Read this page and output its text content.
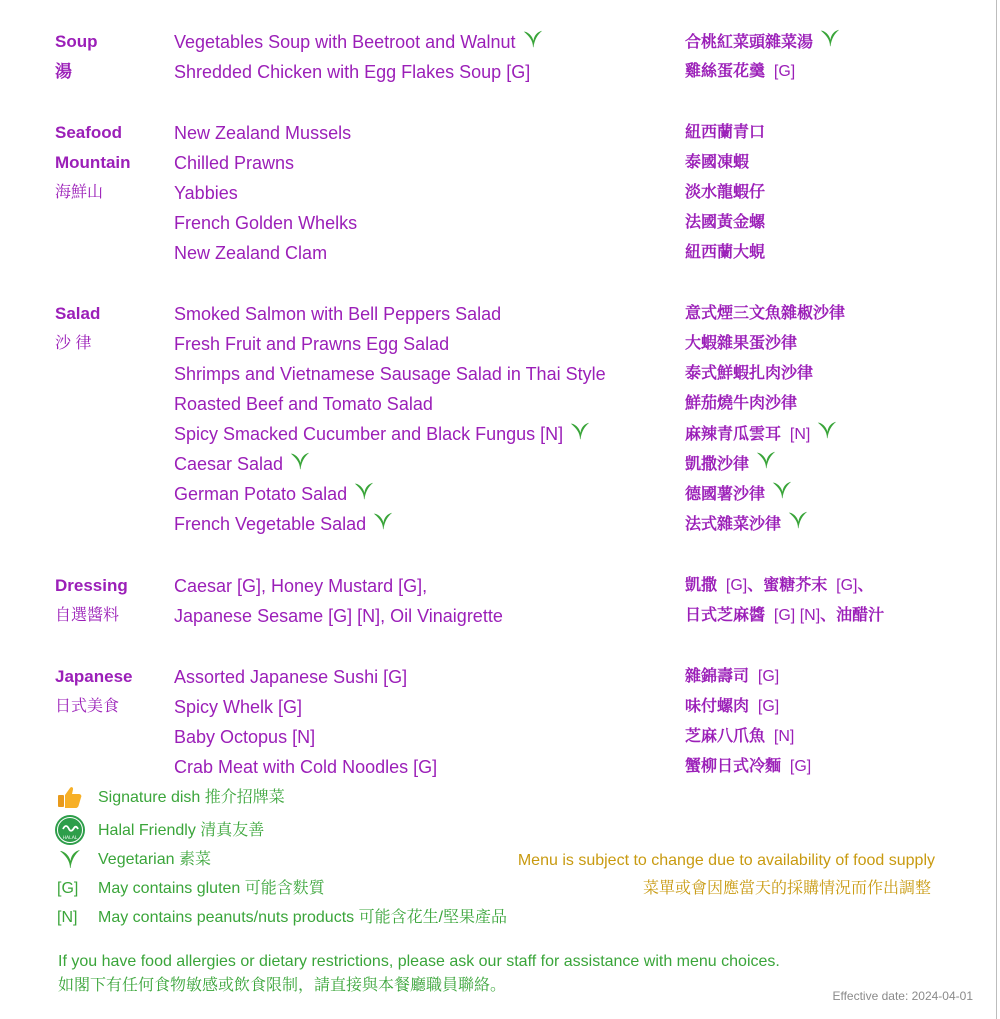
Soup
湯
Vegetables Soup with Beetroot and Walnut
Shredded Chicken with Egg Flakes Soup [G]
合桃紅菜頭雜菜湯
雞絲蛋花羹 [G]
Seafood
Mountain
海鮮山
New Zealand Mussels
Chilled Prawns
Yabbies
French Golden Whelks
New Zealand Clam
紐西蘭青口
泰國凍蝦
淡水龍蝦仔
法國黃金螺
紐西蘭大蜆
Salad
沙 律
Smoked Salmon with Bell Peppers Salad
Fresh Fruit and Prawns Egg Salad
Shrimps and Vietnamese Sausage Salad in Thai Style
Roasted Beef and Tomato Salad
Spicy Smacked Cucumber and Black Fungus [N]
Caesar Salad
German Potato Salad
French Vegetable Salad
意式煙三文魚雜椒沙律
大蝦雜果蛋沙律
泰式鮮蝦扎肉沙律
鮮茄燒牛肉沙律
麻辣青瓜雲耳 [N]
凱撒沙律
德國薯沙律
法式雜菜沙律
Dressing
自選醬料
Caesar [G], Honey Mustard [G],
Japanese Sesame [G] [N], Oil Vinaigrette
凱撒 [G]、蜜糖芥末 [G]、
日式芝麻醬 [G] [N]、油醋汁
Japanese
日式美食
Assorted Japanese Sushi [G]
Spicy Whelk [G]
Baby Octopus [N]
Crab Meat with Cold Noodles [G]
雜錦壽司 [G]
味付螺肉 [G]
芝麻八爪魚 [N]
蟹柳日式冷麵 [G]
Signature dish 推介招牌菜
HALAL Halal Friendly 清真友善
Vegetarian 素菜
[G] May contains gluten 可能含麩質
[N] May contains peanuts/nuts products 可能含花生/堅果產品
Menu is subject to change due to availability of food supply
菜單或會因應當天的採購情況而作出調整
If you have food allergies or dietary restrictions, please ask our staff for assistance with menu choices.
如閣下有任何食物敏感或飲食限制，請直接與本餐廳職員聯絡。
Effective date: 2024-04-01
